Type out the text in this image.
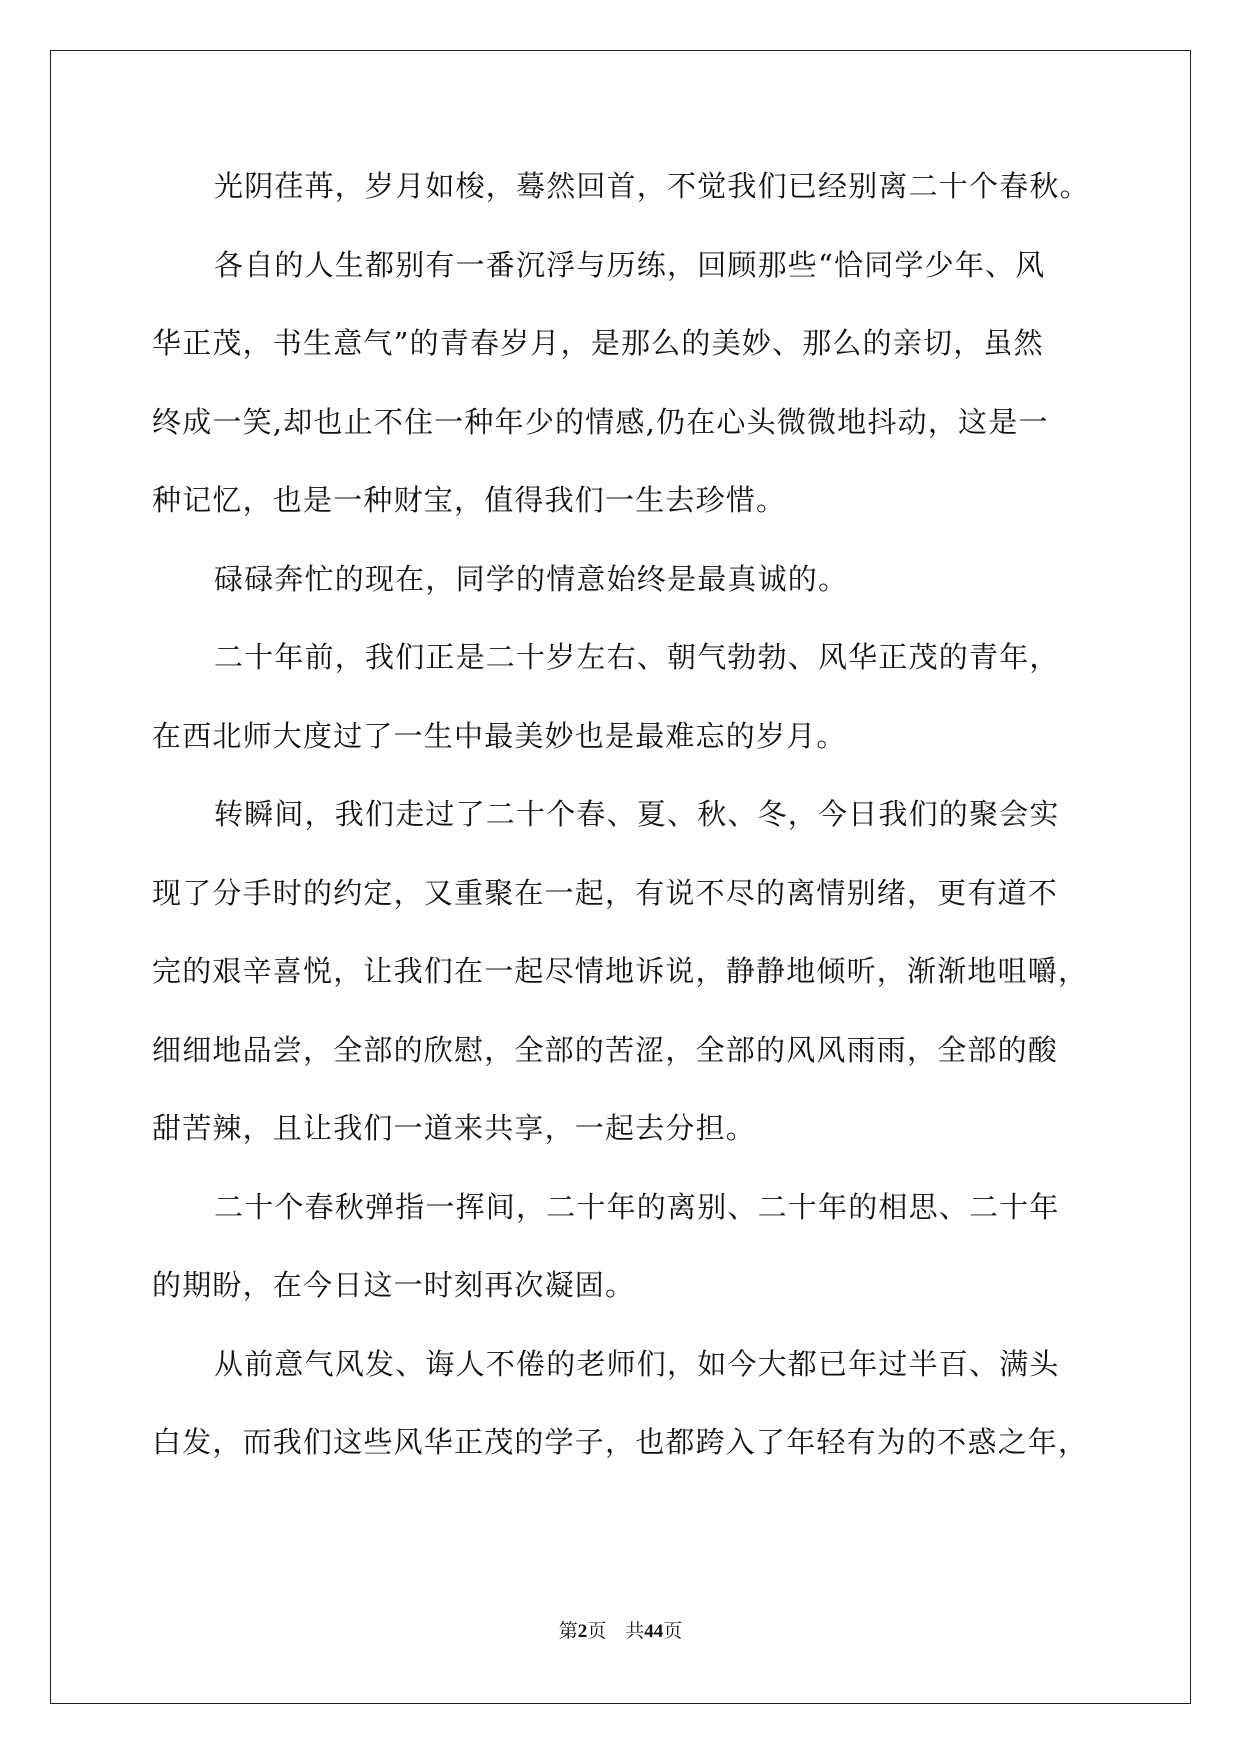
光阴荏苒，岁月如梭，蓦然回首，不觉我们已经别离二十个春秋。
各自的人生都别有一番沉浮与历练，回顾那些“恰同学少年、风
华正茂，书生意气”的青春岁月，是那么的美妙、那么的亲切，虽然
终成一笑,却也止不住一种年少的情感,仍在心头微微地抖动，这是一
种记忆，也是一种财宝，值得我们一生去珍惜。
碌碌奔忙的现在，同学的情意始终是最真诚的。
二十年前，我们正是二十岁左右、朝气勃勃、风华正茂的青年，
在西北师大度过了一生中最美妙也是最难忘的岁月。
转瞬间，我们走过了二十个春、夏、秋、冬，今日我们的聚会实
现了分手时的约定，又重聚在一起，有说不尽的离情别绪，更有道不
完的艰辛喜悦，让我们在一起尽情地诉说，静静地倾听，渐渐地咀嚼，
细细地品尝，全部的欣慰，全部的苦涩，全部的风风雨雨，全部的酸
甜苦辣，且让我们一道来共享，一起去分担。
二十个春秋弹指一挥间，二十年的离别、二十年的相思、二十年
的期盼，在今日这一时刻再次凝固。
从前意气风发、诲人不倦的老师们，如今大都已年过半百、满头
白发，而我们这些风华正茂的学子，也都跨入了年轻有为的不惑之年，
第2页 共44页
